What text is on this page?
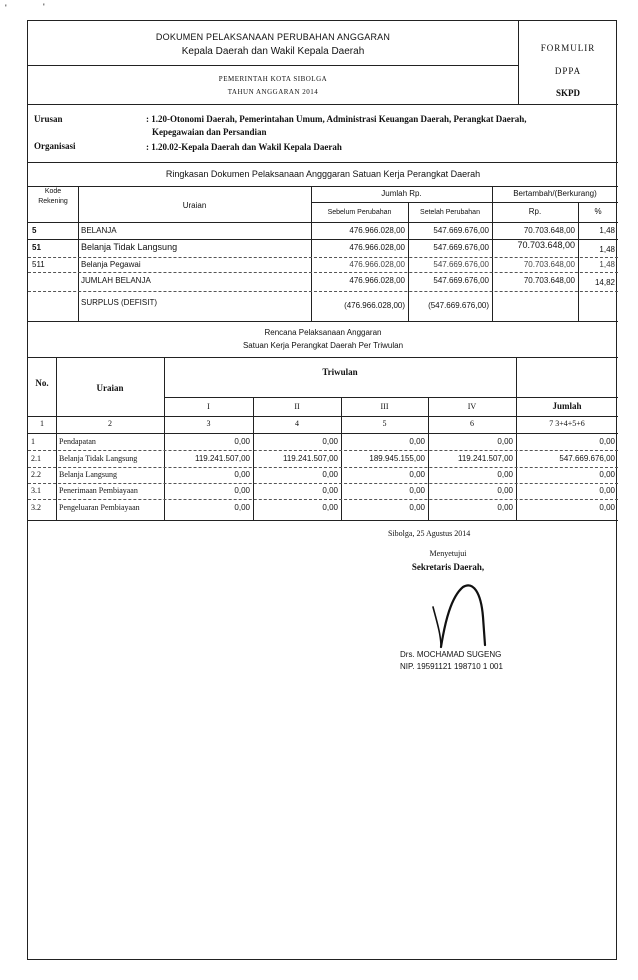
'	'
DOKUMEN PELAKSANAAN PERUBAHAN ANGGARAN
Kepala Daerah dan Wakil Kepala Daerah
PEMERINTAH KOTA SIBOLGA
TAHUN ANGGARAN 2014
FORMULIR
DPPA
SKPD
Urusan	: 1.20-Otonomi Daerah, Pemerintahan Umum, Administrasi Keuangan Daerah, Perangkat Daerah,
Kepegawaian dan Persandian
Organisasi	: 1.20.02-Kepala Daerah dan Wakil Kepala Daerah
Ringkasan Dokumen Pelaksanaan Angggaran Satuan Kerja Perangkat Daerah
Kode
Rekening	Uraian
Jumlah Rp.
Sebelum Perubahan	Setelah Perubahan
Bertambah/(Berkurang)
Rp.	%
5	BELANJA	476.966.028,00	547.669.676,00	70.703.648,00	1,48
51	Belanja Tidak Langsung	476.966.028,00	547.669.676,00	70.703.648,00	1,48
511	Belanja Pegawai	476.966.028,00	547.669.676,00	70.703.648,00	1,48
JUMLAH BELANJA	476.966.028,00	547.669.676,00	70.703.648,00	14,82
SURPLUS (DEFISIT)	(476.966.028,00)	(547.669.676,00)
Rencana Pelaksanaan Anggaran
Satuan Kerja Perangkat Daerah Per Triwulan
No.	Uraian
Triwulan
I	II	III	IV	Jumlah
1	2	3	4	5	6	7 3+4+5+6
1	Pendapatan	0,00	0,00	0,00	0,00	0,00
2.1 Belanja Tidak Langsung	119.241.507,00	119.241.507,00	189.945.155,00	119.241.507,00	547.669.676,00
2.2 Belanja Langsung	0,00	0,00	0,00	0,00	0,00
3.1 Penerimaan Pembiayaan	0,00	0,00	0,00	0,00	0,00
3.2 Pengeluaran Pembiayaan	0,00	0,00	0,00	0,00	0,00
Sibolga, 25 Agustus 2014
Menyetujui
Sekretaris Daerah,
Drs. MOCHAMAD SUGENG
NIP. 19591121 198710 1 001
